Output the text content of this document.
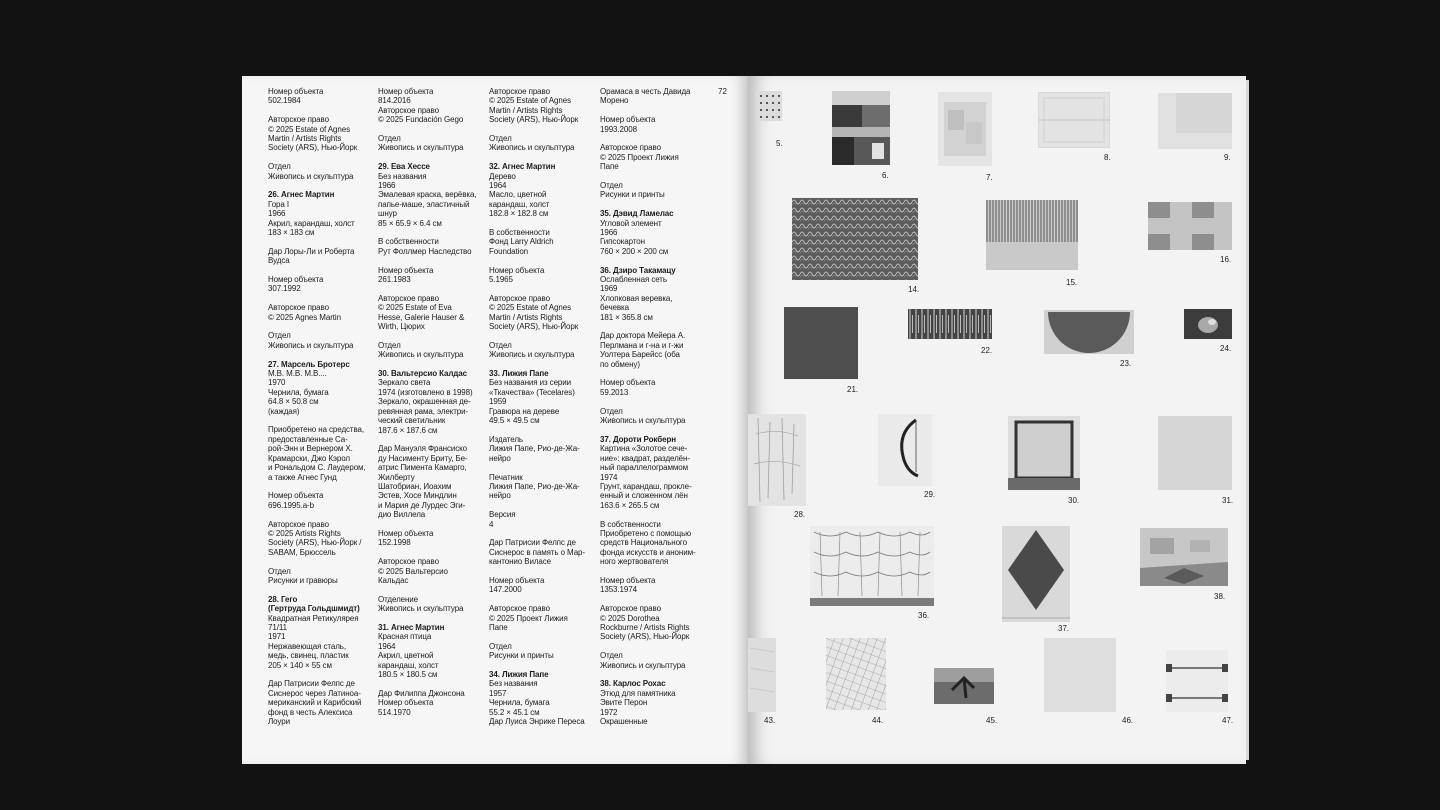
Номер объекта
502.1984
Авторское право
© 2025 Estate of Agnes
Martin / Artists Rights
Society (ARS), Нью-Йорк
Отдел
Живопись и скульптура
26. Агнес Мартин
Гора I
1966
Акрил, карандаш, холст
183 × 183 см
Дар Лоры-Ли и Роберта
Вудса
Номер объекта
307.1992
Авторское право
© 2025 Agnes Martin
Отдел
Живопись и скульптура
27. Марсель Бротерс
M.B. M.B. M.B....
1970
Чернила, бумага
64.8 × 50.8 см
(каждая)
Приобретено на средства,
предоставленные Са-
рой-Энн и Вернером Х.
Крамарски, Джо Кэрол
и Рональдом С. Лаудером,
а также Агнес Гунд
Номер объекта
696.1995.a-b
Авторское право
© 2025 Artists Rights
Society (ARS), Нью-Йорк /
SABAM, Брюссель
Отдел
Рисунки и гравюры
28. Гего
(Гертруда Гольдшмидт)
Квадратная Ретикулярея
71/11
1971
Нержавеющая сталь,
медь, свинец, пластик
205 × 140 × 55 см
Дар Патрисии Фелпс де
Сиснерос через Латиноа-
мериканский и Карибский
фонд в честь Алексиса
Лоури
Номер объекта
814.2016
Авторское право
© 2025 Fundación Gego
Отдел
Живопись и скульптура
29. Ева Хессе
Без названия
1966
Эмалевая краска, верёвка,
папье-маше, эластичный
шнур
85 × 65.9 × 6.4 см
В собственности
Рут Фоллмер Наследство
Номер объекта
261.1983
Авторское право
© 2025 Estate of Eva
Hesse, Galerie Hauser &
Wirth, Цюрих
Отдел
Живопись и скульптура
30. Вальтерсио Калдас
Зеркало света
1974 (изготовлено в 1998)
Зеркало, окрашенная де-
ревянная рама, электри-
ческий светильник
187.6 × 187.6 см
Дар Мануэля Франсиско
ду Насименту Бриту, Бе-
атрис Пимента Камарго,
Жилберту
Шатобриан, Иоахим
Эстев, Хосе Миндлин
и Мария де Лурдес Эги-
дио Виллела
Номер объекта
152.1998
Авторское право
© 2025 Вальтерсио
Кальдас
Отделение
Живопись и скульптура
31. Агнес Мартин
Красная птица
1964
Акрил, цветной
карандаш, холст
180.5 × 180.5 см
Дар Филиппа Джонсона
Номер объекта
514.1970
Авторское право
© 2025 Estate of Agnes
Martin / Artists Rights
Society (ARS), Нью-Йорк
Отдел
Живопись и скульптура
32. Агнес Мартин
Дерево
1964
Масло, цветной
карандаш, холст
182.8 × 182.8 см
В собственности
Фонд Larry Aldrich
Foundation
Номер объекта
5.1965
Авторское право
© 2025 Estate of Agnes
Martin / Artists Rights
Society (ARS), Нью-Йорк
Отдел
Живопись и скульптура
33. Лижия Папе
Без названия из серии
«Ткачества» (Tecelares)
1959
Гравюра на дереве
49.5 × 49.5 см
Издатель
Лижия Папе, Рио-де-Жа-
нейро
Печатник
Лижия Папе, Рио-де-Жа-
нейро
Версия
4
Дар Патрисии Фелпс де
Сиснерос в память о Мар-
кантонио Виласе
Номер объекта
147.2000
Авторское право
© 2025 Проект Лижия
Папе
Отдел
Рисунки и принты
34. Лижия Папе
Без названия
1957
Чернила, бумага
55.2 × 45.1 см
Дар Луиса Энрике Переса
Орамаса в честь Давида
Морено
Номер объекта
1993.2008
Авторское право
© 2025 Проект Лижия
Папе
Отдел
Рисунки и принты
35. Дэвид Ламелас
Угловой элемент
1966
Гипсокартон
760 × 200 × 200 см
36. Дзиро Такамацу
Ослабленная сеть
1969
Хлопковая веревка,
бечевка
181 × 365.8 см
Дар доктора Мейера А.
Перлмана и г-на и г-жи
Уолтера Барейсс (оба
по обмену)
Номер объекта
59.2013
Отдел
Живопись и скульптура
37. Дороти Рокберн
Картина «Золотое сече-
ние»: квадрат, разделён-
ный параллелограммом
1974
Грунт, карандаш, прокле-
енный и сложенном лён
163.6 × 265.5 см
В собственности
Приобретено с помощью
средств Национального
фонда искусств и аноним-
ного жертвователя
Номер объекта
1353.1974
Авторское право
© 2025 Dorothea
Rockburne / Artists Rights
Society (ARS), Нью-Йорк
Отдел
Живопись и скульптура
38. Карлос Рохас
Этюд для памятника
Эвите Перон
1972
Окрашенные
72
5.
6.	7.
8.	9.
14.
15.
16.
21.
22.
23.
24.
28.
29.
30.	31.
36.
37.
38.
43.	44.	45.	46.	47.
